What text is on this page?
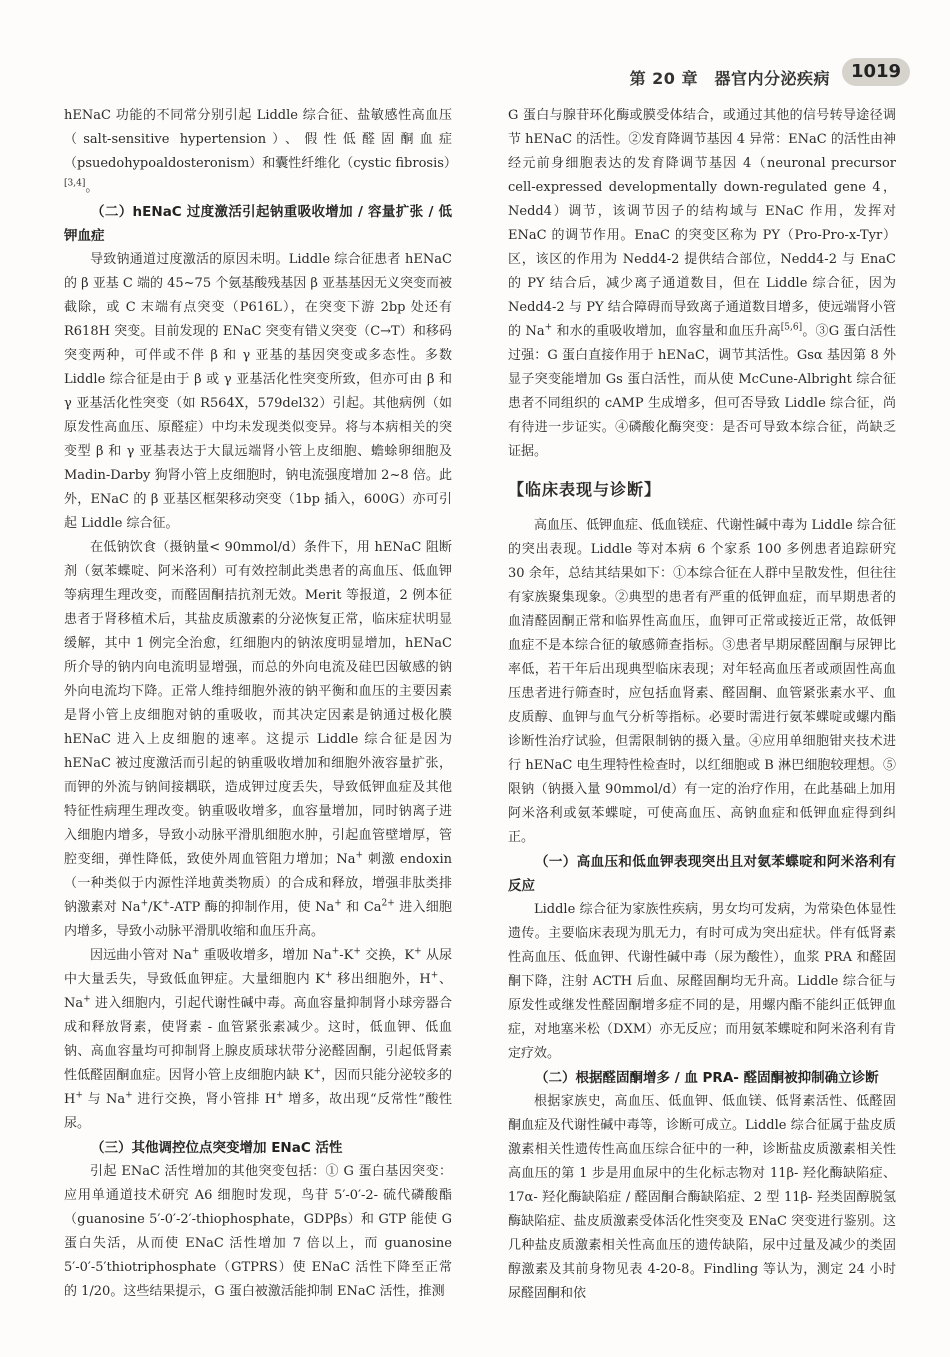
第 20 章　器官内分泌疾病	1019

hENaC 功能的不同常分别引起 Liddle 综合征、盐敏感性高血压（salt-sensitive hypertension）、假性低醛固酮血症（psuedohypoaldosteronism）和囊性纤维化（cystic fibrosis）[3,4]。

（二）hENaC 过度激活引起钠重吸收增加 / 容量扩张 / 低钾血症

导致钠通道过度激活的原因未明。Liddle 综合征患者 hENaC 的 β 亚基 C 端的 45~75 个氨基酸残基因 β 亚基基因无义突变而被截除，或 C 末端有点突变（P616L），在突变下游 2bp 处还有 R618H 突变。目前发现的 ENaC 突变有错义突变（C→T）和移码突变两种，可伴或不伴 β 和 γ 亚基的基因突变或多态性。多数 Liddle 综合征是由于 β 或 γ 亚基活化性突变所致，但亦可由 β 和 γ 亚基活化性突变（如 R564X，579del32）引起。其他病例（如原发性高血压、原醛症）中均未发现类似变异。将与本病相关的突变型 β 和 γ 亚基表达于大鼠远端肾小管上皮细胞、蟾蜍卵细胞及 Madin-Darby 狗肾小管上皮细胞时，钠电流强度增加 2~8 倍。此外，ENaC 的 β 亚基区框架移动突变（1bp 插入，600G）亦可引起 Liddle 综合征。

在低钠饮食（摄钠量< 90mmol/d）条件下，用 hENaC 阻断剂（氨苯蝶啶、阿米洛利）可有效控制此类患者的高血压、低血钾等病理生理改变，而醛固酮拮抗剂无效。Merit 等报道，2 例本征患者于肾移植术后，其盐皮质激素的分泌恢复正常，临床症状明显缓解，其中 1 例完全治愈，红细胞内的钠浓度明显增加，hENaC 所介导的钠内向电流明显增强，而总的外向电流及硅巴因敏感的钠外向电流均下降。正常人维持细胞外液的钠平衡和血压的主要因素是肾小管上皮细胞对钠的重吸收，而其决定因素是钠通过极化膜 hENaC 进入上皮细胞的速率。这提示 Liddle 综合征是因为 hENaC 被过度激活而引起的钠重吸收增加和细胞外液容量扩张，而钾的外流与钠间接耦联，造成钾过度丢失，导致低钾血症及其他特征性病理生理改变。钠重吸收增多，血容量增加，同时钠离子进入细胞内增多，导致小动脉平滑肌细胞水肿，引起血管壁增厚，管腔变细，弹性降低，致使外周血管阻力增加；Na+ 刺激 endoxin（一种类似于内源性洋地黄类物质）的合成和释放，增强非肽类排钠激素对 Na+/K+-ATP 酶的抑制作用，使 Na+ 和 $Ca^{2+}$ 进入细胞内增多，导致小动脉平滑肌收缩和血压升高。

因远曲小管对 Na+ 重吸收增多，增加 Na+-K+ 交换，K+ 从尿中大量丢失，导致低血钾症。大量细胞内 K+ 移出细胞外，H+、Na+ 进入细胞内，引起代谢性碱中毒。高血容量抑制肾小球旁器合成和释放肾素，使肾素 - 血管紧张素减少。这时，低血钾、低血钠、高血容量均可抑制肾上腺皮质球状带分泌醛固酮，引起低肾素性低醛固酮血症。因肾小管上皮细胞内缺 K+，因而只能分泌较多的 H+ 与 Na+ 进行交换，肾小管排 H+ 增多，故出现“反常性”酸性尿。

（三）其他调控位点突变增加 ENaC 活性

引起 ENaC 活性增加的其他突变包括：① G 蛋白基因突变：应用单通道技术研究 A6 细胞时发现，鸟苷 5′-0′-2- 硫代磷酸酯（guanosine 5′-0′-2′-thiophosphate，GDPβs）和 GTP 能使 G 蛋白失活，从而使 ENaC 活性增加 7 倍以上，而 guanosine 5′-0′-5′thiotriphosphate（GTPRS）使 ENaC 活性下降至正常的 1/20。这些结果提示，G 蛋白被激活能抑制 ENaC 活性，推测

G 蛋白与腺苷环化酶或膜受体结合，或通过其他的信号转导途径调节 hENaC 的活性。②发育降调节基因 4 异常：ENaC 的活性由神经元前身细胞表达的发育降调节基因 4（neuronal precursor cell-expressed developmentally down-regulated gene 4，Nedd4）调节，该调节因子的结构域与 ENaC 作用，发挥对 ENaC 的调节作用。EnaC 的突变区称为 PY（Pro-Pro-x-Tyr）区，该区的作用为 Nedd4-2 提供结合部位，Nedd4-2 与 EnaC 的 PY 结合后，减少离子通道数目，但在 Liddle 综合征，因为 Nedd4-2 与 PY 结合障碍而导致离子通道数目增多，使远端肾小管的 Na+ 和水的重吸收增加，血容量和血压升高[5,6]。③G 蛋白活性过强：G 蛋白直接作用于 hENaC，调节其活性。Gsα 基因第 8 外显子突变能增加 Gs 蛋白活性，而从使 McCune-Albright 综合征患者不同组织的 cAMP 生成增多，但可否导致 Liddle 综合征，尚有待进一步证实。④磷酸化酶突变：是否可导致本综合征，尚缺乏证据。

【临床表现与诊断】

高血压、低钾血症、低血镁症、代谢性碱中毒为 Liddle 综合征的突出表现。Liddle 等对本病 6 个家系 100 多例患者追踪研究 30 余年，总结其结果如下：①本综合征在人群中呈散发性，但往往有家族聚集现象。②典型的患者有严重的低钾血症，而早期患者的血清醛固酮正常和临界性高血压，血钾可正常或接近正常，故低钾血症不是本综合征的敏感筛查指标。③患者早期尿醛固酮与尿钾比率低，若干年后出现典型临床表现；对年轻高血压者或顽固性高血压患者进行筛查时，应包括血肾素、醛固酮、血管紧张素水平、血皮质醇、血钾与血气分析等指标。必要时需进行氨苯蝶啶或螺内酯诊断性治疗试验，但需限制钠的摄入量。④应用单细胞钳夹技术进行 hENaC 电生理特性检查时，以红细胞或 B 淋巴细胞较理想。⑤限钠（钠摄入量 90mmol/d）有一定的治疗作用，在此基础上加用阿米洛利或氨苯蝶啶，可使高血压、高钠血症和低钾血症得到纠正。

（一）高血压和低血钾表现突出且对氨苯蝶啶和阿米洛利有反应

Liddle 综合征为家族性疾病，男女均可发病，为常染色体显性遗传。主要临床表现为肌无力，有时可成为突出症状。伴有低肾素性高血压、低血钾、代谢性碱中毒（尿为酸性），血浆 PRA 和醛固酮下降，注射 ACTH 后血、尿醛固酮均无升高。Liddle 综合征与原发性或继发性醛固酮增多症不同的是，用螺内酯不能纠正低钾血症，对地塞米松（DXM）亦无反应；而用氨苯蝶啶和阿米洛利有肯定疗效。

（二）根据醛固酮增多 / 血 PRA- 醛固酮被抑制确立诊断

根据家族史，高血压、低血钾、低血镁、低肾素活性、低醛固酮血症及代谢性碱中毒等，诊断可成立。Liddle 综合征属于盐皮质激素相关性遗传性高血压综合征中的一种，诊断盐皮质激素相关性高血压的第 1 步是用血尿中的生化标志物对 11β- 羟化酶缺陷症、17α- 羟化酶缺陷症 / 醛固酮合酶缺陷症、2 型 11β- 羟类固醇脱氢酶缺陷症、盐皮质激素受体活化性突变及 ENaC 突变进行鉴别。这几种盐皮质激素相关性高血压的遗传缺陷，尿中过量及减少的类固醇激素及其前身物见表 4-20-8。Findling 等认为，测定 24 小时尿醛固酮和依
